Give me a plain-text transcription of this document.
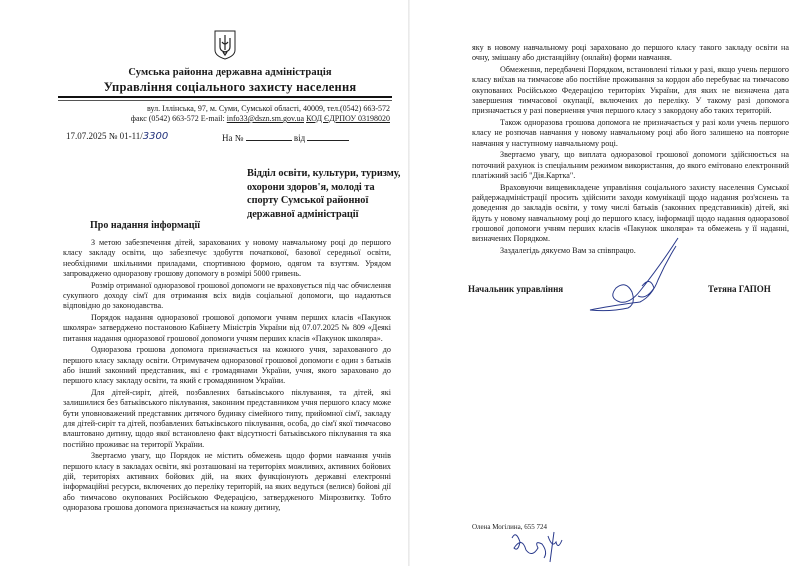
Сумська районна державна адміністрація
Управління соціального захисту населення
вул. Іллінська, 97, м. Суми, Сумської області, 40009, тел.(0542) 663-572
факс (0542) 663-572 E-mail: info33@dszn.sm.gov.ua КОД ЄДРПОУ 03198020
17.07.2025 № 01-11/3300	На №	від
Відділ освіти, культури, туризму,
охорони здоров'я, молоді та
спорту Сумської районної
державної адміністрації
Про надання інформації

З метою забезпечення дітей, зарахованих у новому навчальному році до першого класу закладу освіти, що забезпечує здобуття початкової, базової середньої освіти, необхідними шкільними приладами, спортивною формою, одягом та взуттям. Урядом запроваджено одноразову грошову допомогу в розмірі 5000 гривень.

Розмір отриманої одноразової грошової допомоги не враховується під час обчислення сукупного доходу сім'ї для отримання всіх видів соціальної допомоги, що надаються відповідно до законодавства.

Порядок надання одноразової грошової допомоги учням перших класів «Пакунок школяра» затверджено постановою Кабінету Міністрів України від 07.07.2025 № 809 «Деякі питання надання одноразової грошової допомоги учням перших класів «Пакунок школяра».

Одноразова грошова допомога призначається на кожного учня, зарахованого до першого класу закладу освіти. Отримувачем одноразової грошової допомоги є один з батьків або інший законний представник, які є громадянами України, учня, якого зараховано до першого класу закладу освіти, та який є громадянином України.

Для дітей-сиріт, дітей, позбавлених батьківського піклування, та дітей, які залишилися без батьківського піклування, законним представником учня першого класу може бути уповноважений представник дитячого будинку сімейного типу, прийомної сім'ї, закладу для дітей-сиріт та дітей, позбавлених батьківського піклування, особа, до сім'ї якої тимчасово влаштовано дитину, щодо якої встановлено факт відсутності батьківського піклування та яка постійно проживає на території України.

Звертаємо увагу, що Порядок не містить обмежень щодо форми навчання учнів першого класу в закладах освіти, які розташовані на територіях можливих, активних бойових дій, територіях активних бойових дій, на яких функціонують державні електронні інформаційні ресурси, включених до переліку територій, на яких ведуться (велися) бойові дії або тимчасово окупованих Російською Федерацією, затвердженого Мінрозвитку. Тобто одноразова грошова допомога призначається на кожну дитину,

яку в новому навчальному році зараховано до першого класу такого закладу освіти на очну, змішану або дистанційну (онлайн) форми навчання.

Обмеження, передбачені Порядком, встановлені тільки у разі, якщо учень першого класу виїхав на тимчасове або постійне проживання за кордон або перебуває на тимчасово окупованих Російською Федерацією територіях України, для яких не визначена дата завершення тимчасової окупації, включених до переліку. У такому разі допомога призначається у разі повернення учня першого класу з закордону або таких територій.

Також одноразова грошова допомога не призначається у разі коли учень першого класу не розпочав навчання у новому навчальному році або його залишено на повторне навчання у наступному навчальному році.

Звертаємо увагу, що виплата одноразової грошової допомоги здійснюється на поточний рахунок із спеціальним режимом використання, до якого емітовано електронний платіжний засіб "Дія.Картка".

Враховуючи вищевикладене управління соціального захисту населення Сумської райдержадміністрації просить здійснити заходи комунікації щодо надання роз'яснень та доведення до закладів освіти, у тому числі батьків (законних представників) дітей, які йдуть у новому навчальному році до першого класу, інформації щодо надання одноразової грошової допомоги учням перших класів «Пакунок школяра» та обмежень у її наданні, визначених Порядком.

Заздалегідь дякуємо Вам за співпрацю.

Начальник управління	Тетяна ГАПОН
Олена Могілина, 655 724
